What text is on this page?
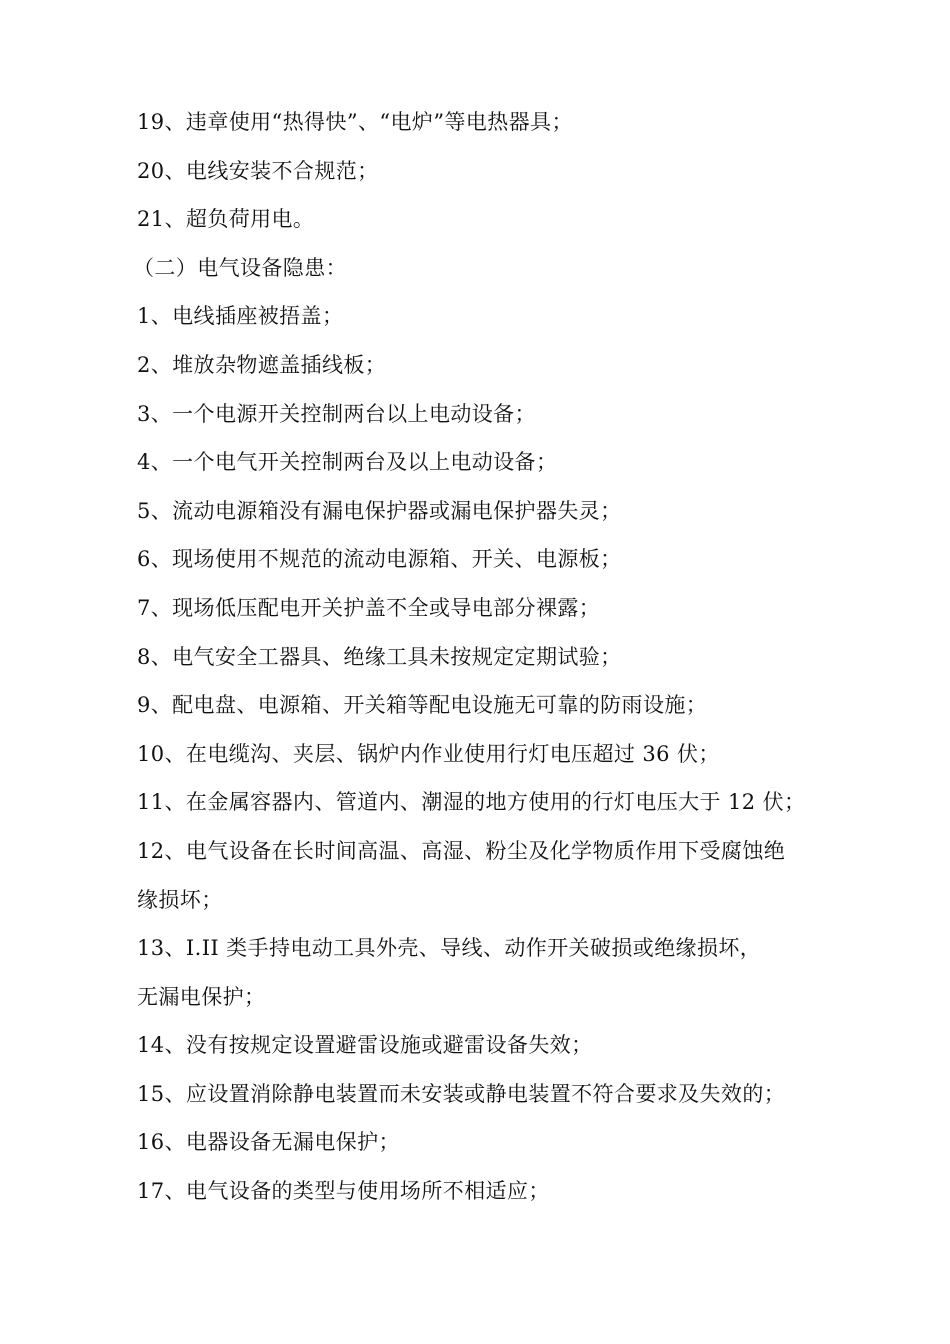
19、违章使用“热得快”、“电炉”等电热器具；
20、电线安装不合规范；
21、超负荷用电。
（二）电气设备隐患：
1、电线插座被捂盖；
2、堆放杂物遮盖插线板；
3、一个电源开关控制两台以上电动设备；
4、一个电气开关控制两台及以上电动设备；
5、流动电源箱没有漏电保护器或漏电保护器失灵；
6、现场使用不规范的流动电源箱、开关、电源板；
7、现场低压配电开关护盖不全或导电部分裸露；
8、电气安全工器具、绝缘工具未按规定定期试验；
9、配电盘、电源箱、开关箱等配电设施无可靠的防雨设施；
10、在电缆沟、夹层、锅炉内作业使用行灯电压超过 36 伏；
11、在金属容器内、管道内、潮湿的地方使用的行灯电压大于 12 伏；
12、电气设备在长时间高温、高湿、粉尘及化学物质作用下受腐蚀绝
缘损坏；
13、I.II 类手持电动工具外壳、导线、动作开关破损或绝缘损坏，
无漏电保护；
14、没有按规定设置避雷设施或避雷设备失效；
15、应设置消除静电装置而未安装或静电装置不符合要求及失效的；
16、电器设备无漏电保护；
17、电气设备的类型与使用场所不相适应；
